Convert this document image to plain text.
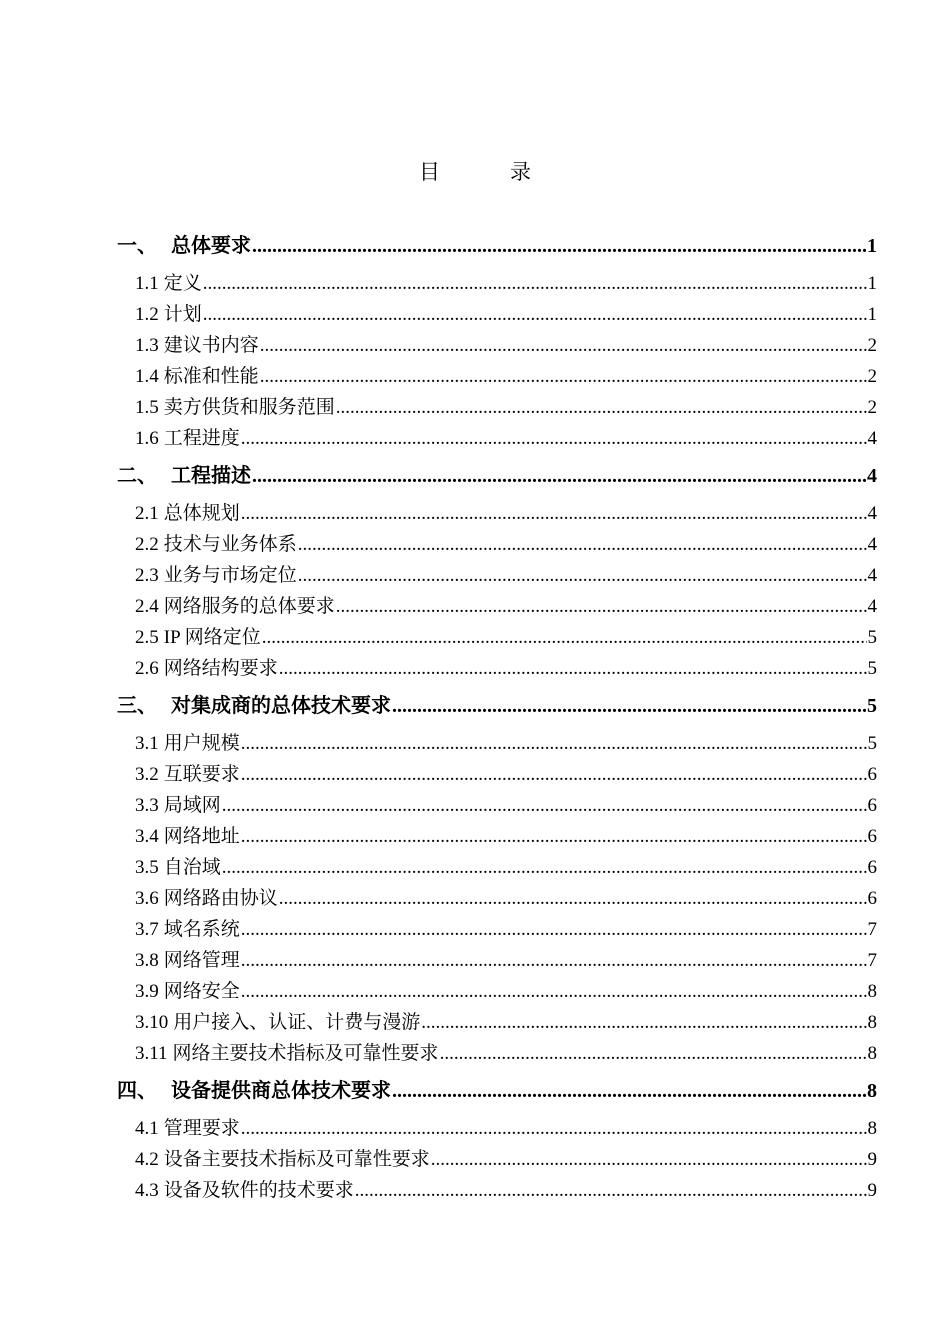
目	录
一、 总体要求 .....	1
1.1 定义 .....	1
1.2 计划 .....	1
1.3 建议书内容 .....	2
1.4 标准和性能 .....	2
1.5 卖方供货和服务范围 .....	2
1.6 工程进度 .....	4
二、 工程描述 .....	4
2.1 总体规划 .....	4
2.2 技术与业务体系 .....	4
2.3 业务与市场定位 .....	4
2.4 网络服务的总体要求 .....	4
2.5 IP 网络定位 .....	5
2.6 网络结构要求 .....	5
三、 对集成商的总体技术要求 .....	5
3.1 用户规模 .....	5
3.2 互联要求 .....	6
3.3 局域网 .....	6
3.4 网络地址 .....	6
3.5 自治域 .....	6
3.6 网络路由协议 .....	6
3.7 域名系统 .....	7
3.8 网络管理 .....	7
3.9 网络安全 .....	8
3.10 用户接入、认证、计费与漫游 .....	8
3.11 网络主要技术指标及可靠性要求 .....	8
四、 设备提供商总体技术要求 .....	8
4.1 管理要求 .....	8
4.2 设备主要技术指标及可靠性要求 .....	9
4.3 设备及软件的技术要求 .....	9
